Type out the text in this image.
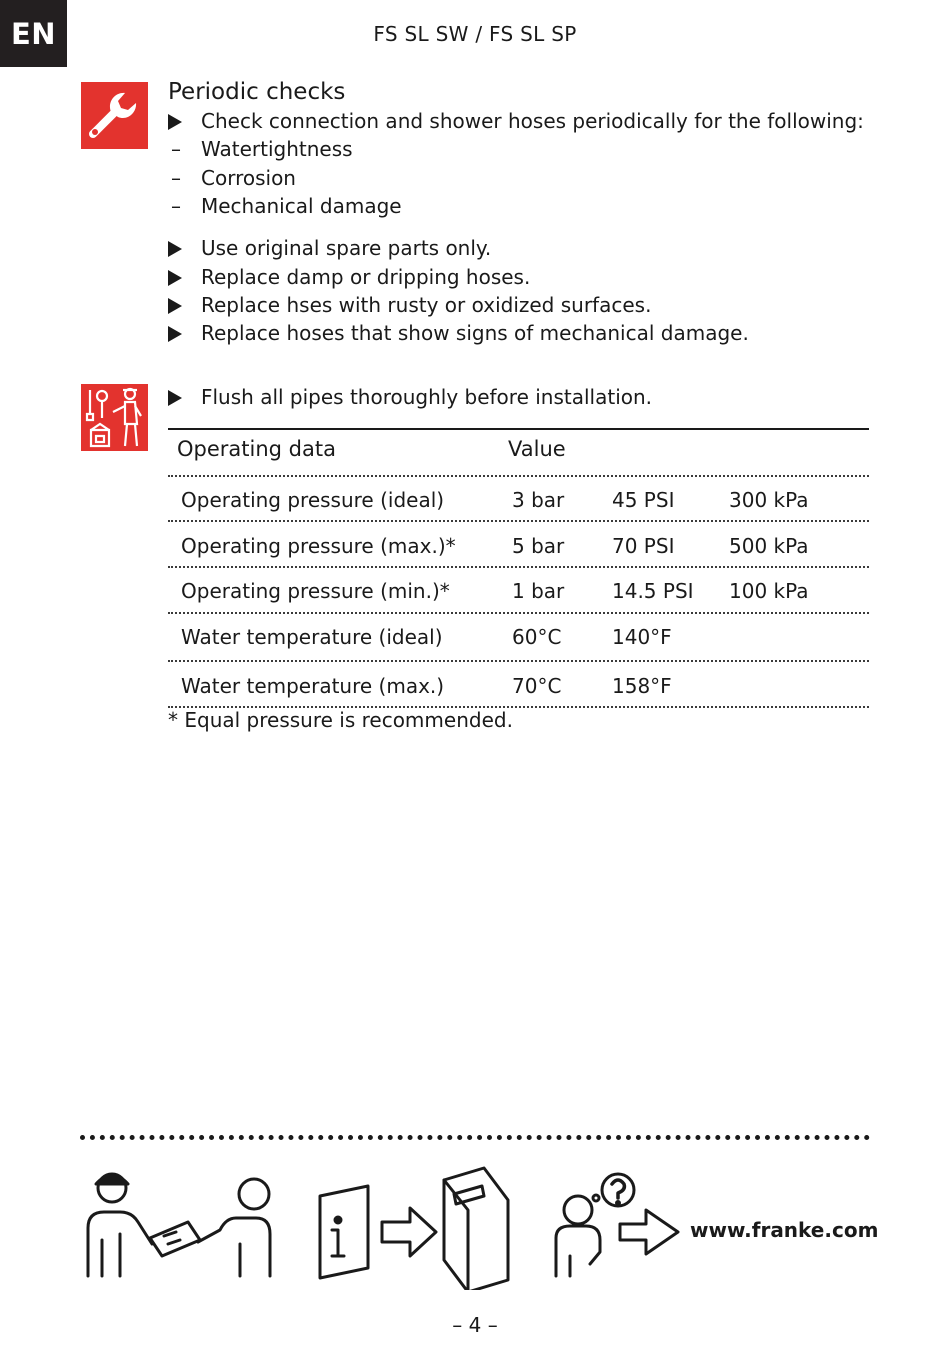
EN	FS SL SW / FS SL SP
Periodic checks
Check connection and shower hoses periodically for the following:
–	Watertightness
–	Corrosion
–	Mechanical damage
Use original spare parts only.
Replace damp or dripping hoses.
Replace hses with rusty or oxidized surfaces.
Replace hoses that show signs of mechanical damage.
Flush all pipes thoroughly before installation.
Operating data	Value
Operating pressure (ideal)	3 bar 45 PSI	300 kPa
Operating pressure (max.)*	5 bar 70 PSI	500 kPa
Operating pressure (min.)*	1 bar 14.5 PSI 100 kPa
Water temperature (ideal)	60°C	140°F
Water temperature (max.)	70°C	158°F
* Equal pressure is recommended.
www.franke.com
– 4 –
